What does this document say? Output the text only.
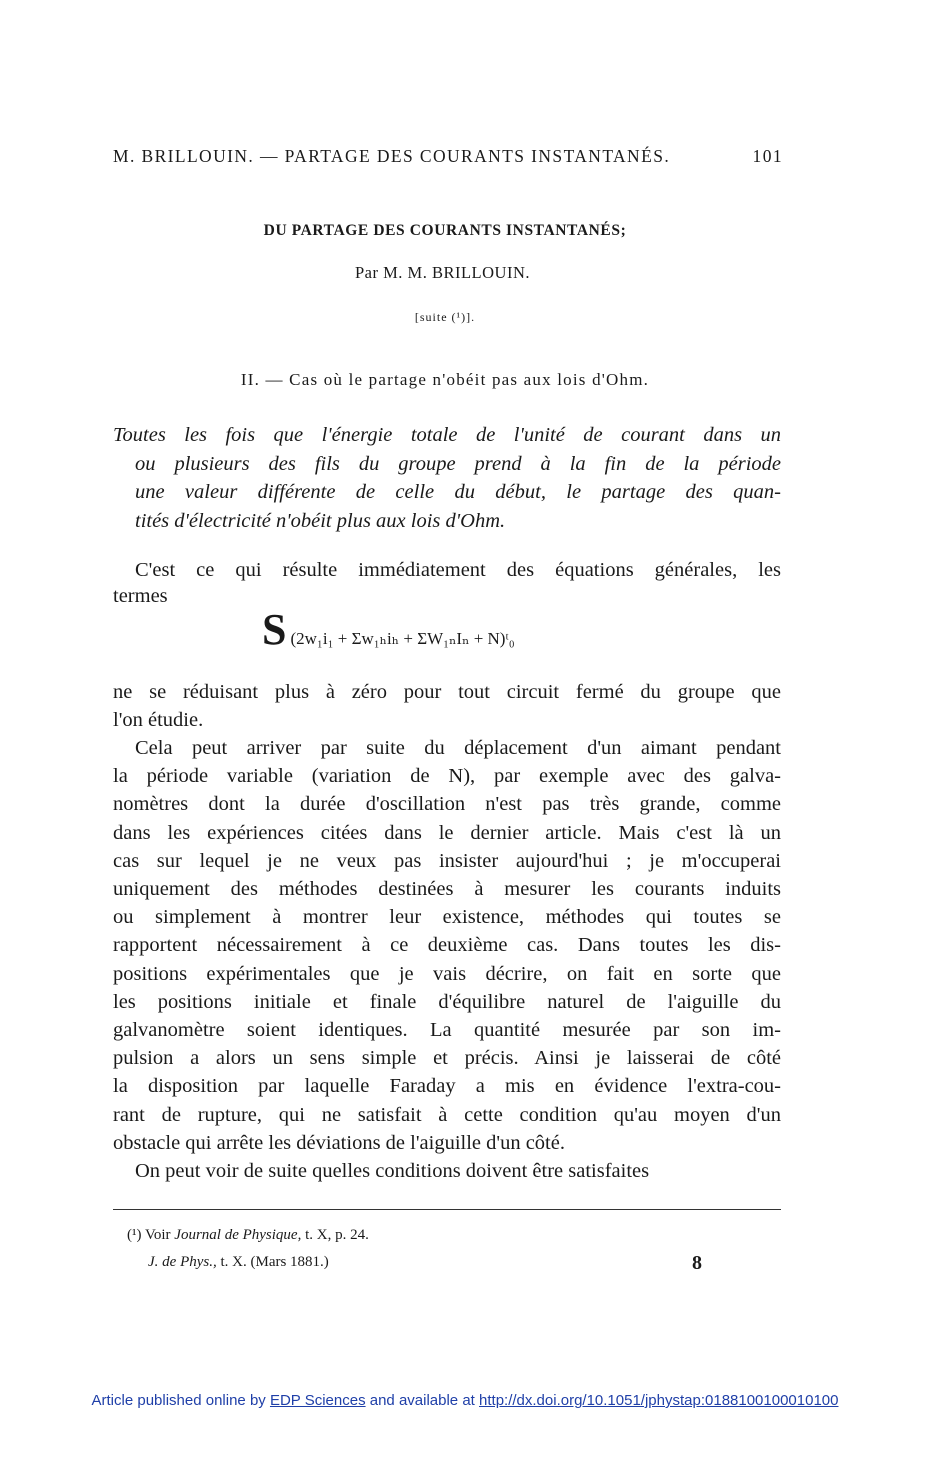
M. BRILLOUIN. — PARTAGE DES COURANTS INSTANTANÉS.	101
DU PARTAGE DES COURANTS INSTANTANÉS;
Par M. M. BRILLOUIN.
[suite (¹)].
II. — Cas où le partage n'obéit pas aux lois d'Ohm.
Toutes les fois que l'énergie totale de l'unité de courant dans un
ou plusieurs des fils du groupe prend à la fin de la période
une valeur différente de celle du début, le partage des quan-
tités d'électricité n'obéit plus aux lois d'Ohm.
C'est ce qui résulte immédiatement des équations générales, les
termes
S (2w₁i₁ + Σw₁ₕiₕ + ΣW₁ₙIₙ + N)ᵗ₀
ne se réduisant plus à zéro pour tout circuit fermé du groupe que
l'on étudie.
Cela peut arriver par suite du déplacement d'un aimant pendant
la période variable (variation de N), par exemple avec des galva-
nomètres dont la durée d'oscillation n'est pas très grande, comme
dans les expériences citées dans le dernier article. Mais c'est là un
cas sur lequel je ne veux pas insister aujourd'hui ; je m'occuperai
uniquement des méthodes destinées à mesurer les courants induits
ou simplement à montrer leur existence, méthodes qui toutes se
rapportent nécessairement à ce deuxième cas. Dans toutes les dis-
positions expérimentales que je vais décrire, on fait en sorte que
les positions initiale et finale d'équilibre naturel de l'aiguille du
galvanomètre soient identiques. La quantité mesurée par son im-
pulsion a alors un sens simple et précis. Ainsi je laisserai de côté
la disposition par laquelle Faraday a mis en évidence l'extra-cou-
rant de rupture, qui ne satisfait à cette condition qu'au moyen d'un
obstacle qui arrête les déviations de l'aiguille d'un côté.
On peut voir de suite quelles conditions doivent être satisfaites
(¹) Voir Journal de Physique, t. X, p. 24.
J. de Phys., t. X. (Mars 1881.)	8
Article published online by EDP Sciences and available at http://dx.doi.org/10.1051/jphystap:0188100100010100
